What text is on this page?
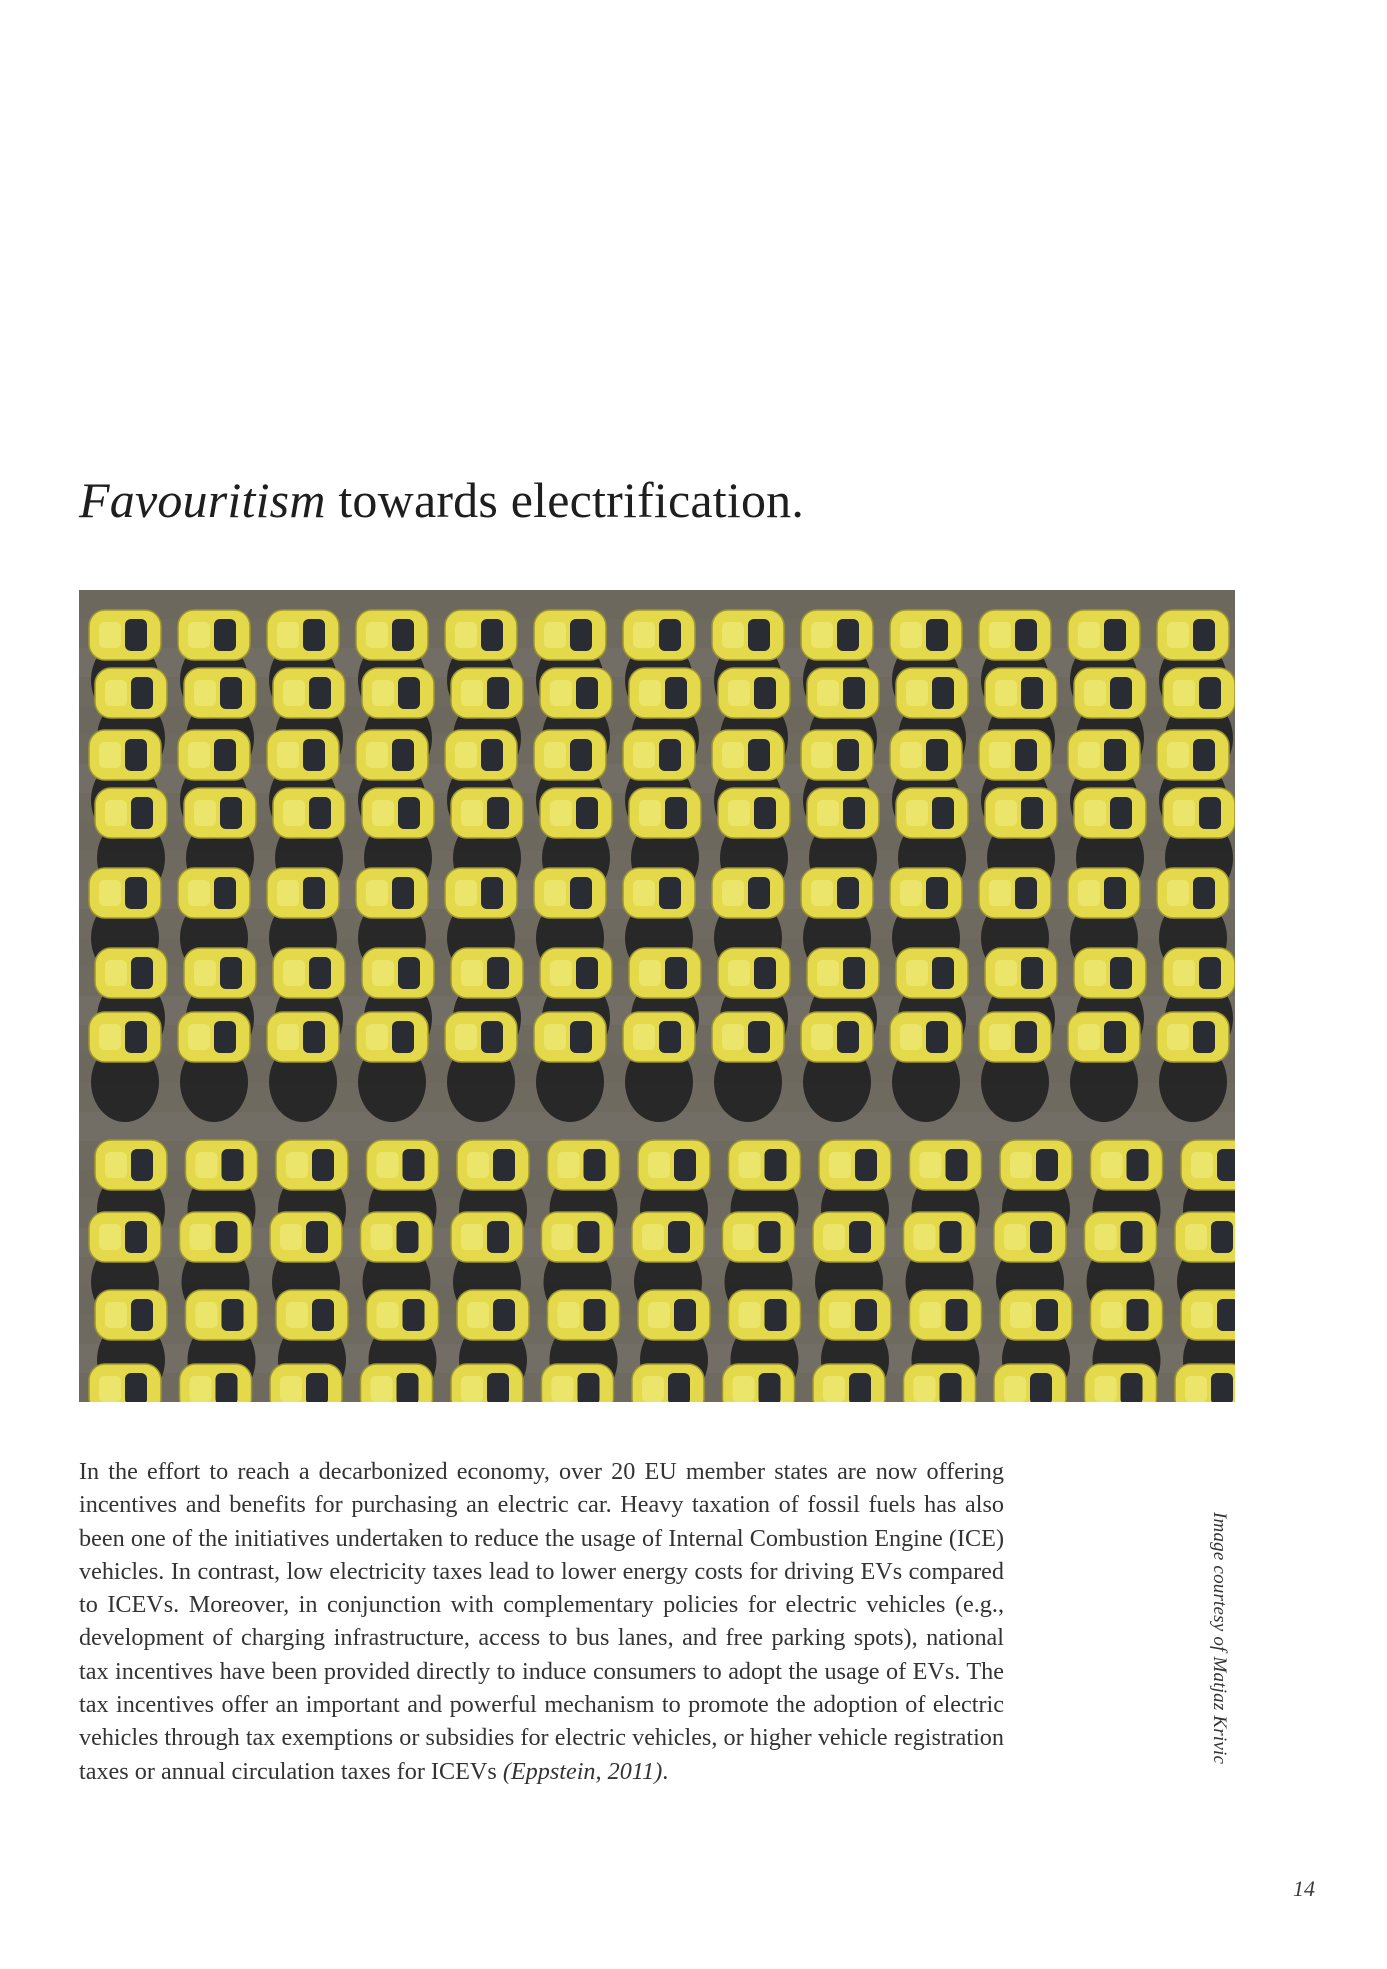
Favouritism towards electrification.

In the effort to reach a decarbonized economy, over 20 EU member states are now offering incentives and benefits for purchasing an electric car. Heavy taxation of fossil fuels has also been one of the initiatives undertaken to reduce the usage of Internal Combustion Engine (ICE) vehicles. In contrast, low electricity taxes lead to lower energy costs for driving EVs compared to ICEVs. Moreover, in conjunction with complementary policies for electric vehicles (e.g., development of charging infrastructure, access to bus lanes, and free parking spots), national tax incentives have been provided directly to induce consumers to adopt the usage of EVs. The tax incentives offer an important and powerful mechanism to promote the adoption of electric vehicles through tax exemptions or subsidies for electric vehicles, or higher vehicle registration taxes or annual circulation taxes for ICEVs (Eppstein, 2011).

Image courtesy of Matjaz Krivic
14
